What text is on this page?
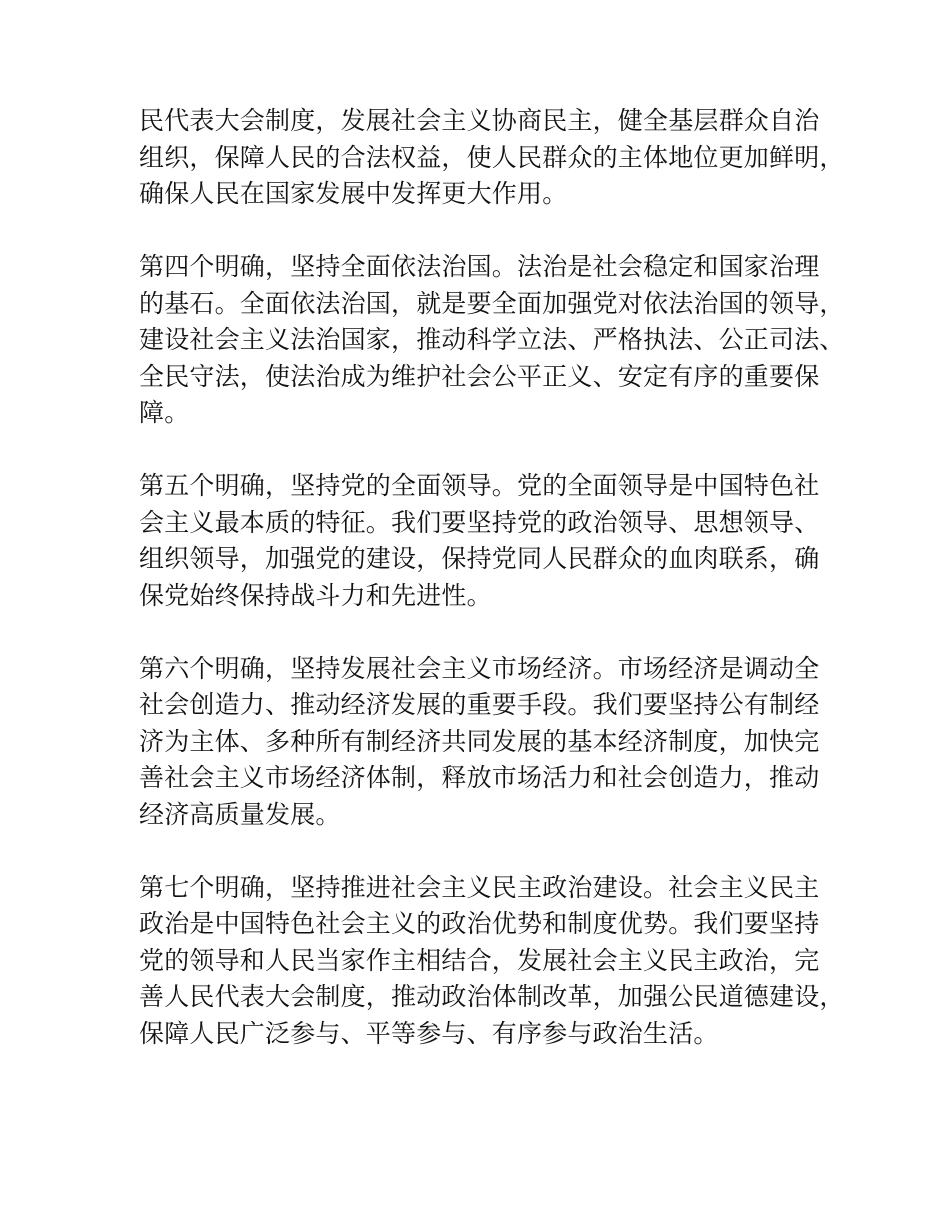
民代表大会制度，发展社会主义协商民主，健全基层群众自治
组织，保障人民的合法权益，使人民群众的主体地位更加鲜明，
确保人民在国家发展中发挥更大作用。

第四个明确，坚持全面依法治国。法治是社会稳定和国家治理
的基石。全面依法治国，就是要全面加强党对依法治国的领导，
建设社会主义法治国家，推动科学立法、严格执法、公正司法、
全民守法，使法治成为维护社会公平正义、安定有序的重要保
障。

第五个明确，坚持党的全面领导。党的全面领导是中国特色社
会主义最本质的特征。我们要坚持党的政治领导、思想领导、
组织领导，加强党的建设，保持党同人民群众的血肉联系，确
保党始终保持战斗力和先进性。

第六个明确，坚持发展社会主义市场经济。市场经济是调动全
社会创造力、推动经济发展的重要手段。我们要坚持公有制经
济为主体、多种所有制经济共同发展的基本经济制度，加快完
善社会主义市场经济体制，释放市场活力和社会创造力，推动
经济高质量发展。

第七个明确，坚持推进社会主义民主政治建设。社会主义民主
政治是中国特色社会主义的政治优势和制度优势。我们要坚持
党的领导和人民当家作主相结合，发展社会主义民主政治，完
善人民代表大会制度，推动政治体制改革，加强公民道德建设，
保障人民广泛参与、平等参与、有序参与政治生活。
